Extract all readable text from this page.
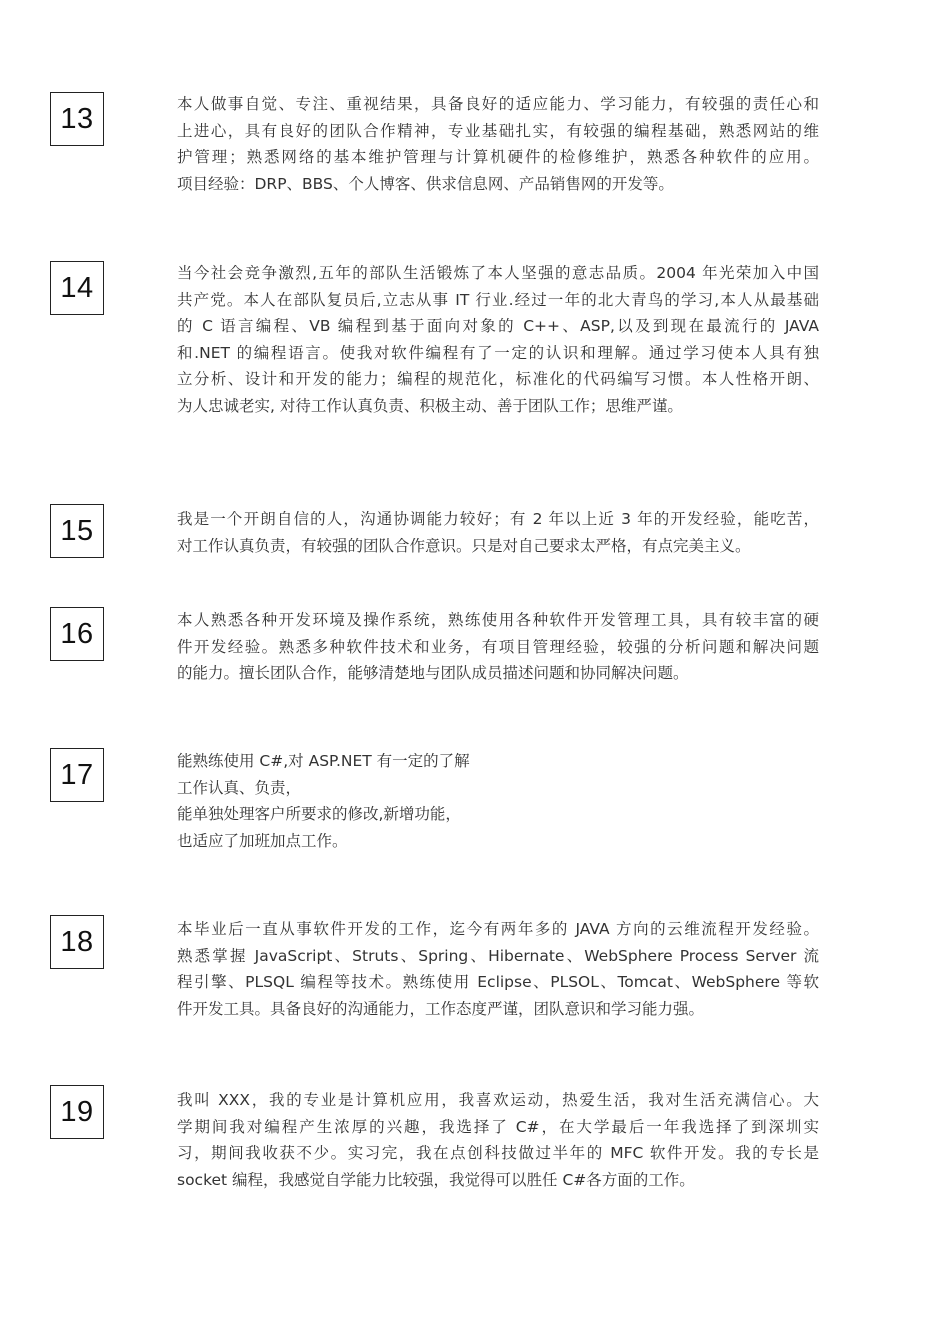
13	本人做事自觉、专注、重视结果，具备良好的适应能力、学习能力，有较强的责任心和
上进心，具有良好的团队合作精神，专业基础扎实，有较强的编程基础，熟悉网站的维
护管理；熟悉网络的基本维护管理与计算机硬件的检修维护，熟悉各种软件的应用。
项目经验：DRP、BBS、个人博客、供求信息网、产品销售网的开发等。
14	当今社会竞争激烈,五年的部队生活锻炼了本人坚强的意志品质。2004 年光荣加入中国
共产党。本人在部队复员后,立志从事 IT 行业.经过一年的北大青鸟的学习,本人从最基础
的 C 语言编程、VB 编程到基于面向对象的 C++、ASP,以及到现在最流行的 JAVA
和.NET 的编程语言。使我对软件编程有了一定的认识和理解。通过学习使本人具有独
立分析、设计和开发的能力；编程的规范化，标准化的代码编写习惯。本人性格开朗、
为人忠诚老实, 对待工作认真负责、积极主动、善于团队工作；思维严谨。
15	我是一个开朗自信的人，沟通协调能力较好；有 2 年以上近 3 年的开发经验，能吃苦，
对工作认真负责，有较强的团队合作意识。只是对自己要求太严格，有点完美主义。
16	本人熟悉各种开发环境及操作系统，熟练使用各种软件开发管理工具，具有较丰富的硬
件开发经验。熟悉多种软件技术和业务，有项目管理经验，较强的分析问题和解决问题
的能力。擅长团队合作，能够清楚地与团队成员描述问题和协同解决问题。
17	能熟练使用 C#,对 ASP.NET 有一定的了解
工作认真、负责，
能单独处理客户所要求的修改,新增功能，
也适应了加班加点工作。
18	本毕业后一直从事软件开发的工作，迄今有两年多的 JAVA 方向的云维流程开发经验。
熟悉掌握 JavaScript、Struts、Spring、Hibernate、WebSphere Process Server 流
程引擎、PLSQL 编程等技术。熟练使用 Eclipse、PLSOL、Tomcat、WebSphere 等软
件开发工具。具备良好的沟通能力，工作态度严谨，团队意识和学习能力强。
19	我叫 XXX，我的专业是计算机应用，我喜欢运动，热爱生活，我对生活充满信心。大
学期间我对编程产生浓厚的兴趣，我选择了 C#，在大学最后一年我选择了到深圳实
习，期间我收获不少。实习完，我在点创科技做过半年的 MFC 软件开发。我的专长是
socket 编程，我感觉自学能力比较强，我觉得可以胜任 C#各方面的工作。
